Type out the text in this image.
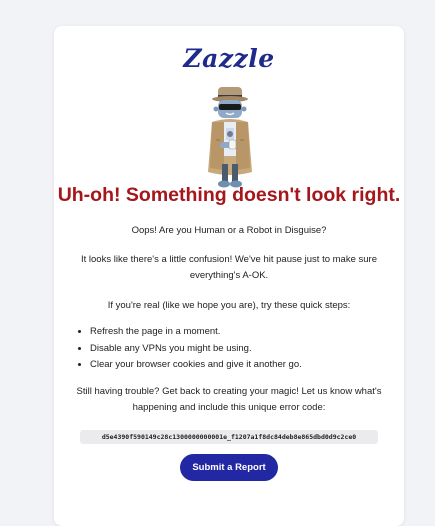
Zazzle
Uh-oh! Something doesn't look right.

Oops! Are you Human or a Robot in Disguise?

It looks like there's a little confusion! We've hit pause just to make sure
everything's A-OK.

If you're real (like we hope you are), try these quick steps:

• Refresh the page in a moment.
• Disable any VPNs you might be using.
• Clear your browser cookies and give it another go.

Still having trouble? Get back to creating your magic! Let us know what's
happening and include this unique error code:

d5e4390f590149c28c1300000000001e_f1207a1f8dc84deb8e865dbd0d9c2ce0
Submit a Report
